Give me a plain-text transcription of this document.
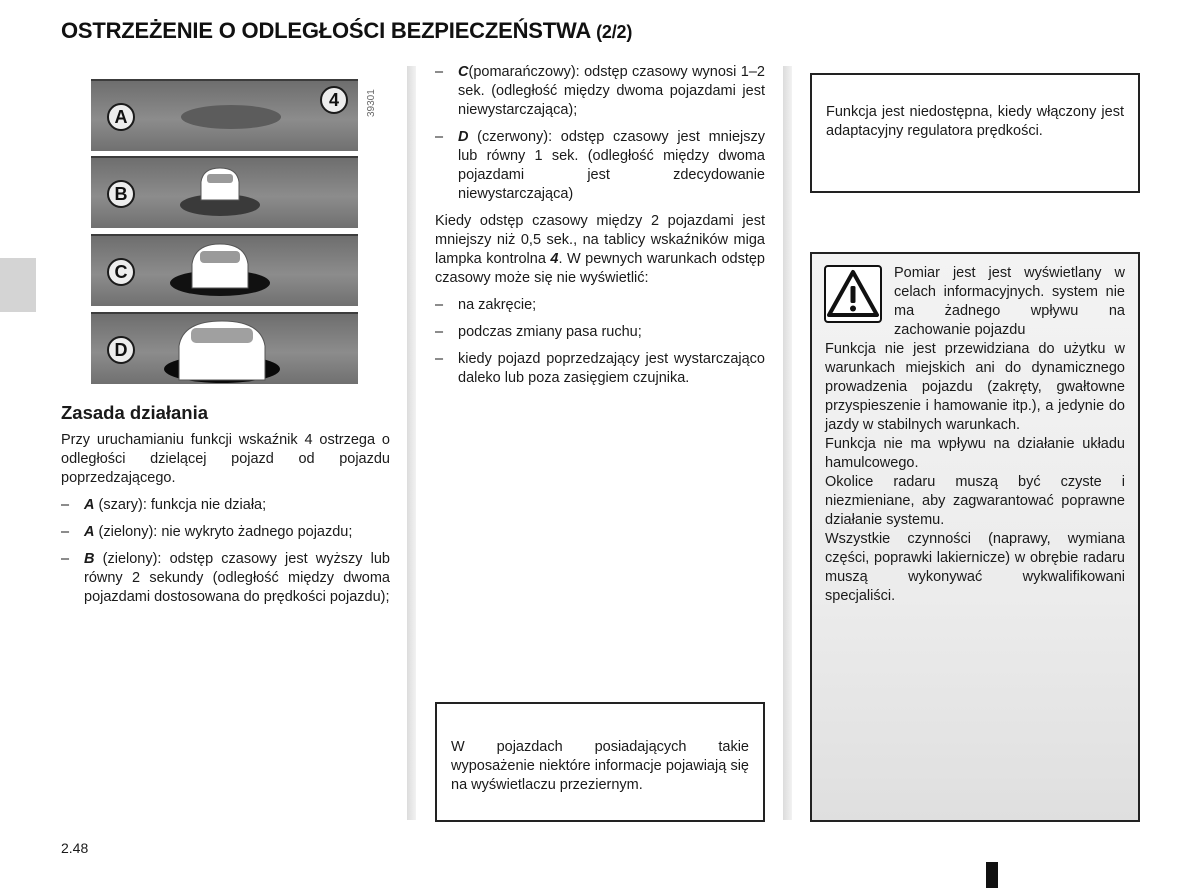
OSTRZEŻENIE O ODLEGŁOŚCI BEZPIECZEŃSTWA (2/2)
A
4
B
C
D
39301
Zasada działania

Przy uruchamianiu funkcji wskaźnik 4 ostrzega o odległości dzielącej pojazd od pojazdu poprzedzającego.

– A (szary): funkcja nie działa;
– A (zielony): nie wykryto żadnego pojazdu;
– B (zielony): odstęp czasowy jest wyższy lub równy 2 sekundy (odległość między dwoma pojazdami dostosowana do prędkości pojazdu);
– C(pomarańczowy): odstęp czasowy wynosi 1–2 sek. (odległość między dwoma pojazdami jest niewystarczająca);
– D (czerwony): odstęp czasowy jest mniejszy lub równy 1 sek. (odległość między dwoma pojazdami jest zdecydowanie niewystarczająca)

Kiedy odstęp czasowy między 2 pojazdami jest mniejszy niż 0,5 sek., na tablicy wskaźników miga lampka kontrolna 4. W pewnych warunkach odstęp czasowy może się nie wyświetlić:

– na zakręcie;
– podczas zmiany pasa ruchu;
– kiedy pojazd poprzedzający jest wystarczająco daleko lub poza zasięgiem czujnika.
W pojazdach posiadających takie wyposażenie niektóre informacje pojawiają się na wyświetlaczu przeziernym.
Funkcja jest niedostępna, kiedy włączony jest adaptacyjny regulatora prędkości.
Pomiar jest jest wyświetlany w celach informacyjnych. system nie ma żadnego wpływu na zachowanie pojazdu
Funkcja nie jest przewidziana do użytku w warunkach miejskich ani do dynamicznego prowadzenia pojazdu (zakręty, gwałtowne przyspieszenie i hamowanie itp.), a jedynie do jazdy w stabilnych warunkach.
Funkcja nie ma wpływu na działanie układu hamulcowego.
Okolice radaru muszą być czyste i niezmieniane, aby zagwarantować poprawne działanie systemu.
Wszystkie czynności (naprawy, wymiana części, poprawki lakiernicze) w obrębie radaru muszą wykonywać wykwalifikowani specjaliści.
2.48
